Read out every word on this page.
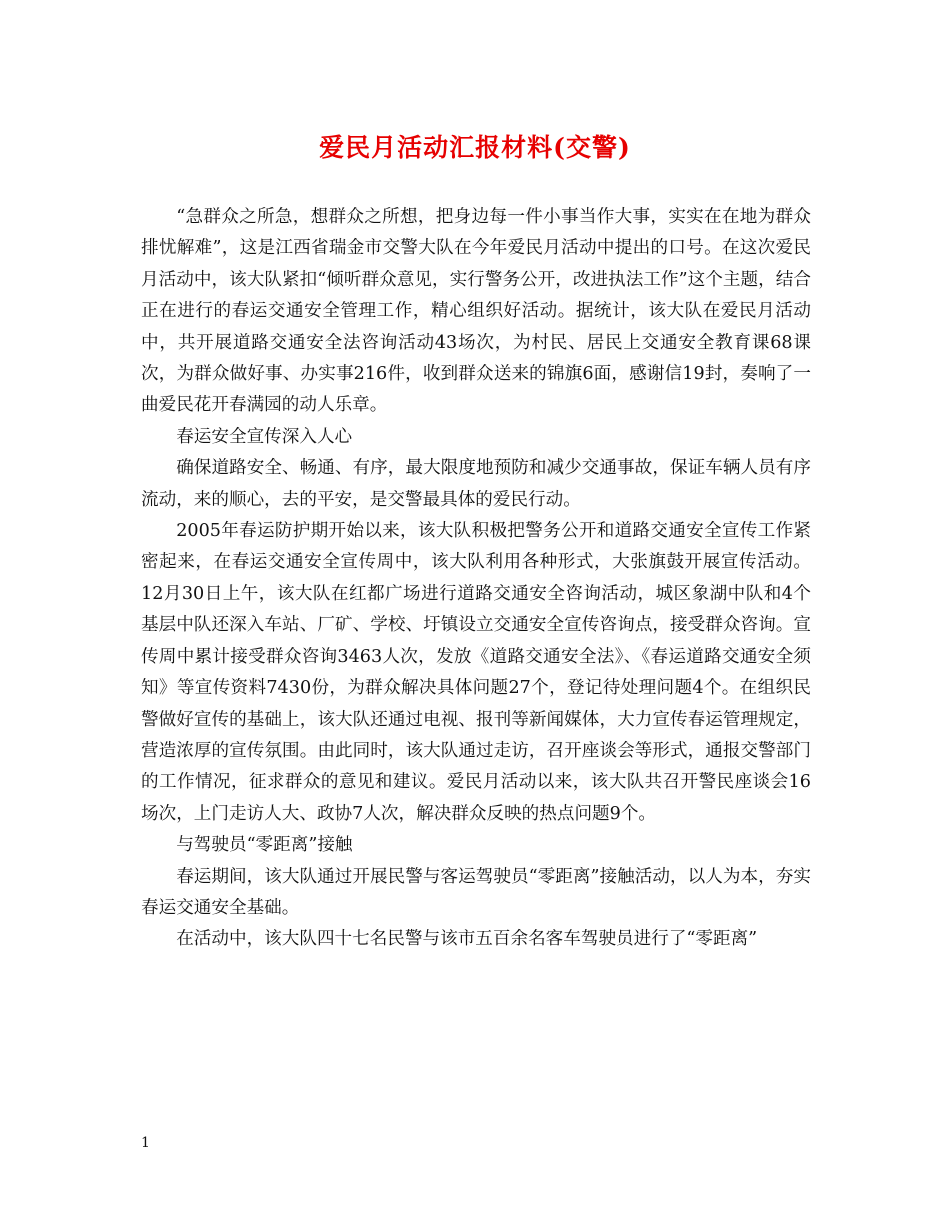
爱民月活动汇报材料(交警)

“急群众之所急，想群众之所想，把身边每一件小事当作大事，实实在在地为群众排忧解难”，这是江西省瑞金市交警大队在今年爱民月活动中提出的口号。在这次爱民月活动中，该大队紧扣“倾听群众意见，实行警务公开，改进执法工作”这个主题，结合正在进行的春运交通安全管理工作，精心组织好活动。据统计，该大队在爱民月活动中，共开展道路交通安全法咨询活动43场次，为村民、居民上交通安全教育课68课次，为群众做好事、办实事216件，收到群众送来的锦旗6面，感谢信19封，奏响了一曲爱民花开春满园的动人乐章。

春运安全宣传深入人心

确保道路安全、畅通、有序，最大限度地预防和减少交通事故，保证车辆人员有序流动，来的顺心，去的平安，是交警最具体的爱民行动。

2005年春运防护期开始以来，该大队积极把警务公开和道路交通安全宣传工作紧密起来，在春运交通安全宣传周中，该大队利用各种形式，大张旗鼓开展宣传活动。12月30日上午，该大队在红都广场进行道路交通安全咨询活动，城区象湖中队和4个基层中队还深入车站、厂矿、学校、圩镇设立交通安全宣传咨询点，接受群众咨询。宣传周中累计接受群众咨询3463人次，发放《道路交通安全法》、《春运道路交通安全须知》等宣传资料7430份，为群众解决具体问题27个，登记待处理问题4个。在组织民警做好宣传的基础上，该大队还通过电视、报刊等新闻媒体，大力宣传春运管理规定，营造浓厚的宣传氛围。由此同时，该大队通过走访，召开座谈会等形式，通报交警部门的工作情况，征求群众的意见和建议。爱民月活动以来，该大队共召开警民座谈会16场次，上门走访人大、政协7人次，解决群众反映的热点问题9个。

与驾驶员“零距离”接触

春运期间，该大队通过开展民警与客运驾驶员“零距离”接触活动，以人为本，夯实春运交通安全基础。

在活动中，该大队四十七名民警与该市五百余名客车驾驶员进行了“零距离”

1
